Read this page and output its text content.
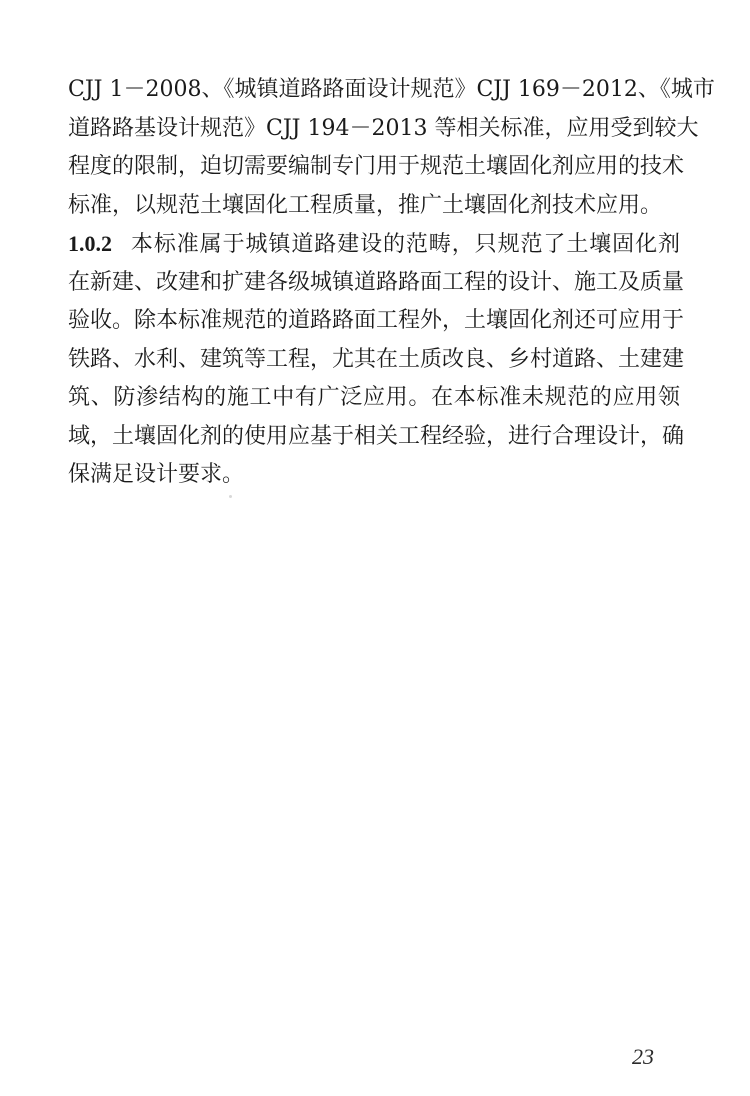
CJJ 1－2008、《城镇道路路面设计规范》CJJ 169－2012、《城市
道路路基设计规范》CJJ 194－2013 等相关标准，应用受到较大
程度的限制，迫切需要编制专门用于规范土壤固化剂应用的技术
标准，以规范土壤固化工程质量，推广土壤固化剂技术应用。
1.0.2 本标准属于城镇道路建设的范畴，只规范了土壤固化剂
在新建、改建和扩建各级城镇道路路面工程的设计、施工及质量
验收。除本标准规范的道路路面工程外，土壤固化剂还可应用于
铁路、水利、建筑等工程，尤其在土质改良、乡村道路、土建建
筑、防渗结构的施工中有广泛应用。在本标准未规范的应用领
域，土壤固化剂的使用应基于相关工程经验，进行合理设计，确
保满足设计要求。
23
